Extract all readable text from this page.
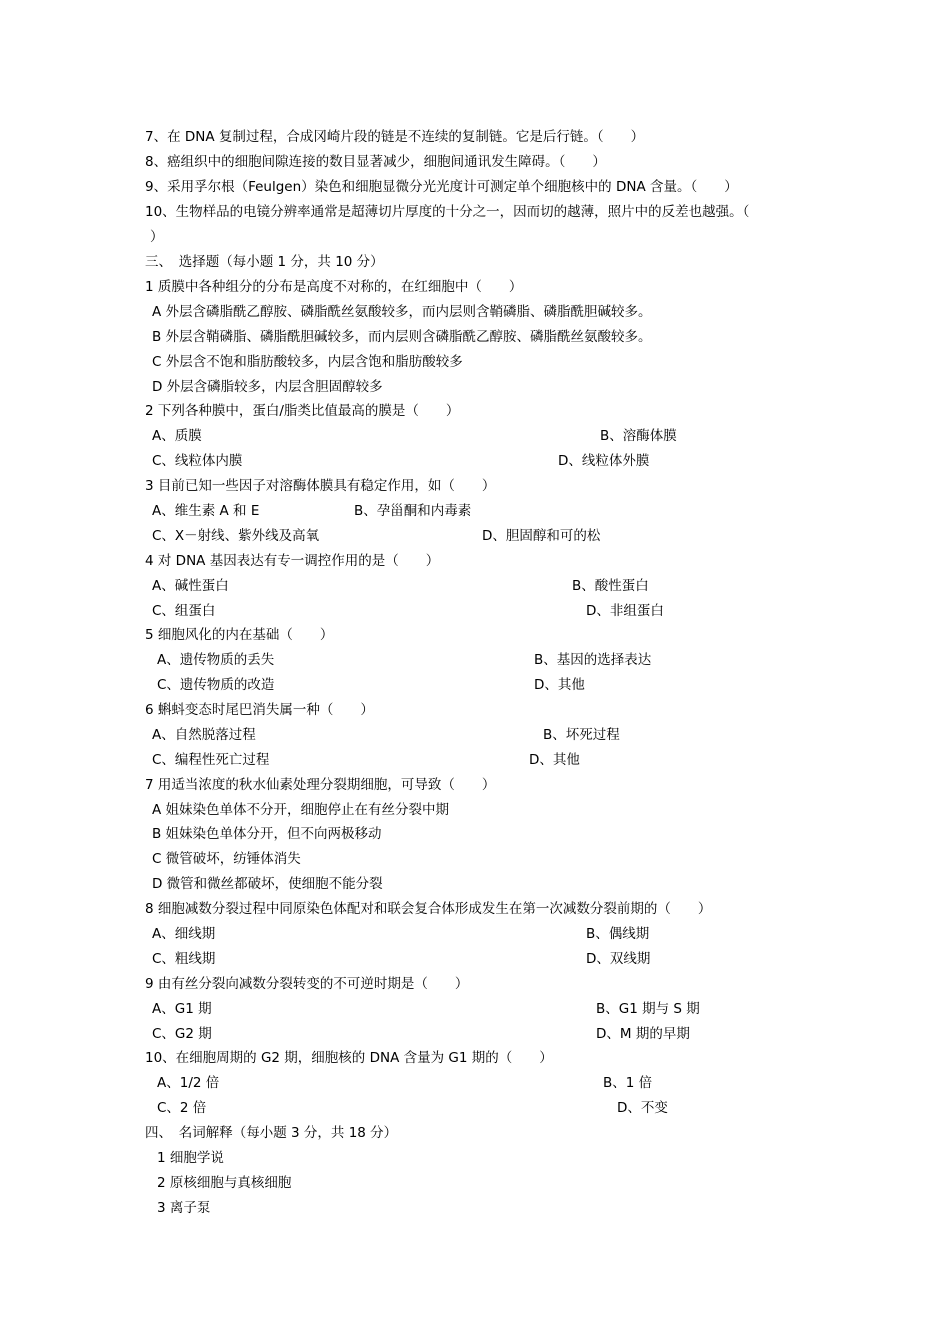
7、在 DNA 复制过程，合成冈崎片段的链是不连续的复制链。它是后行链。（　　）
8、癌组织中的细胞间隙连接的数目显著减少，细胞间通讯发生障碍。（　　）
9、采用孚尔根（Feulgen）染色和细胞显微分光光度计可测定单个细胞核中的 DNA 含量。（　　）
10、生物样品的电镜分辨率通常是超薄切片厚度的十分之一，因而切的越薄，照片中的反差也越强。（
）
三、　选择题（每小题 1 分，共 10 分）
1 质膜中各种组分的分布是高度不对称的，在红细胞中（　　）
A 外层含磷脂酰乙醇胺、磷脂酰丝氨酸较多，而内层则含鞘磷脂、磷脂酰胆碱较多。
B 外层含鞘磷脂、磷脂酰胆碱较多，而内层则含磷脂酰乙醇胺、磷脂酰丝氨酸较多。
C 外层含不饱和脂肪酸较多，内层含饱和脂肪酸较多
D 外层含磷脂较多，内层含胆固醇较多
2 下列各种膜中，蛋白/脂类比值最高的膜是（　　）
A、质膜	B、溶酶体膜
C、线粒体内膜	D、线粒体外膜
3 目前已知一些因子对溶酶体膜具有稳定作用，如（　　）
A、维生素 A 和 E	B、孕甾酮和内毒素
C、X－射线、紫外线及高氧	D、胆固醇和可的松
4 对 DNA 基因表达有专一调控作用的是（　　）
A、碱性蛋白	B、酸性蛋白
C、组蛋白	D、非组蛋白
5 细胞风化的内在基础（　　）
A、遗传物质的丢失	B、基因的选择表达
C、遗传物质的改造	D、其他
6 蝌蚪变态时尾巴消失属一种（　　）
A、自然脱落过程	B、坏死过程
C、编程性死亡过程	D、其他
7 用适当浓度的秋水仙素处理分裂期细胞，可导致（　　）
A 姐妹染色单体不分开，细胞停止在有丝分裂中期
B 姐妹染色单体分开，但不向两极移动
C 微管破坏，纺锤体消失
D 微管和微丝都破坏，使细胞不能分裂
8 细胞减数分裂过程中同原染色体配对和联会复合体形成发生在第一次减数分裂前期的（　　）
A、细线期	B、偶线期
C、粗线期	D、双线期
9 由有丝分裂向减数分裂转变的不可逆时期是（　　）
A、G1 期	B、G1 期与 S 期
C、G2 期	D、M 期的早期
10、在细胞周期的 G2 期，细胞核的 DNA 含量为 G1 期的（　　）
A、1/2 倍	B、1 倍
C、2 倍	D、不变
四、　名词解释（每小题 3 分，共 18 分）
1 细胞学说
2 原核细胞与真核细胞
3 离子泵
